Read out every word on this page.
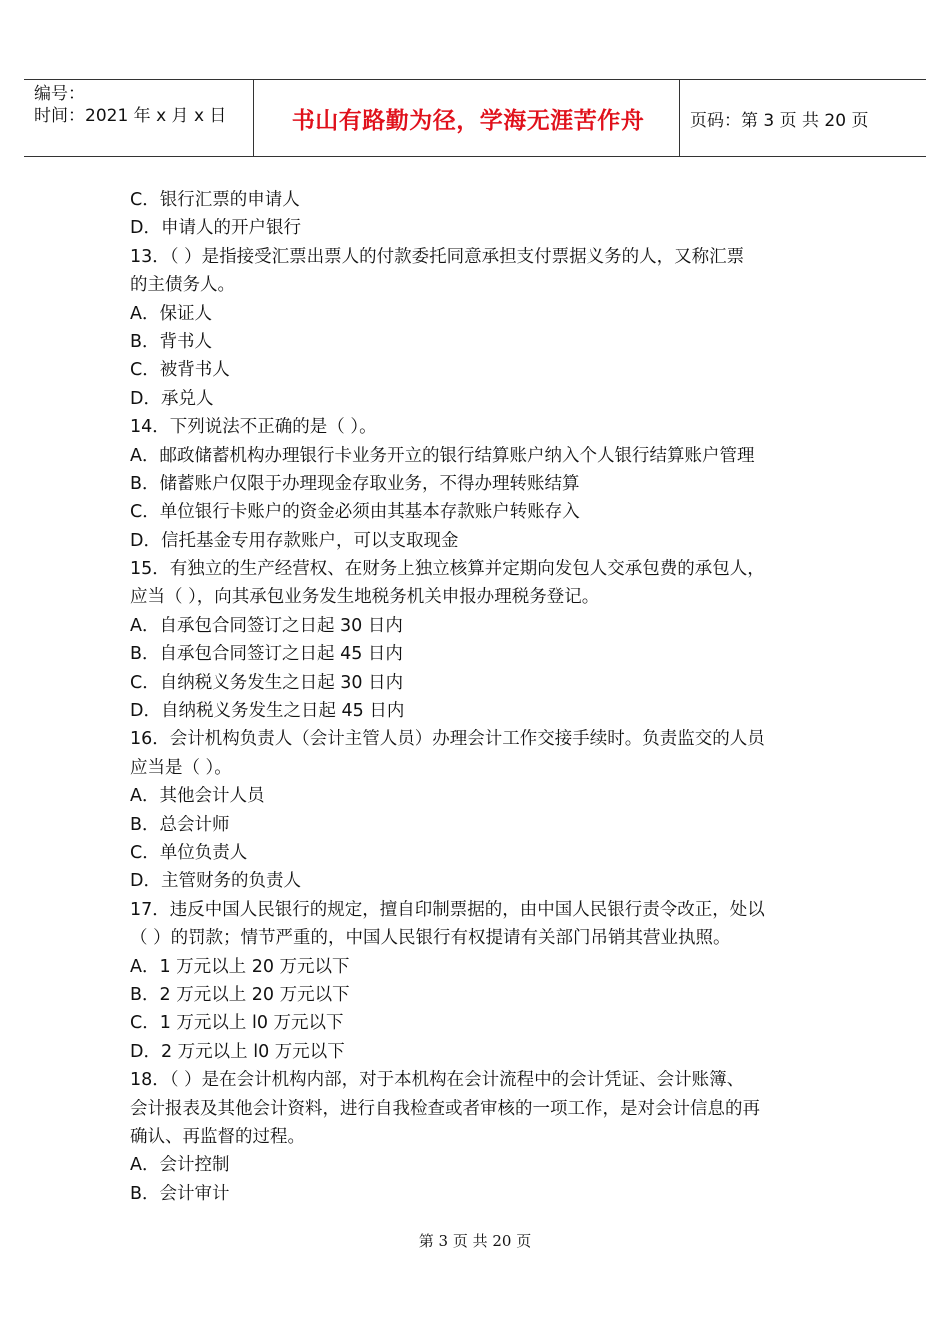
编号：
时间：2021 年 x 月 x 日	书山有路勤为径，学海无涯苦作舟	页码：第 3 页 共 20 页
C．银行汇票的申请人
D．申请人的开户银行
13．（ ）是指接受汇票出票人的付款委托同意承担支付票据义务的人，又称汇票
的主债务人。
A．保证人
B．背书人
C．被背书人
D．承兑人
14．下列说法不正确的是（ ）。
A．邮政储蓄机构办理银行卡业务开立的银行结算账户纳入个人银行结算账户管理
B．储蓄账户仅限于办理现金存取业务，不得办理转账结算
C．单位银行卡账户的资金必须由其基本存款账户转账存入
D．信托基金专用存款账户，可以支取现金
15．有独立的生产经营权、在财务上独立核算并定期向发包人交承包费的承包人，
应当（ ），向其承包业务发生地税务机关申报办理税务登记。
A．自承包合同签订之日起 30 日内
B．自承包合同签订之日起 45 日内
C．自纳税义务发生之日起 30 日内
D．自纳税义务发生之日起 45 日内
16．会计机构负责人（会计主管人员）办理会计工作交接手续时。负责监交的人员
应当是（ ）。
A．其他会计人员
B．总会计师
C．单位负责人
D．主管财务的负责人
17．违反中国人民银行的规定，擅自印制票据的，由中国人民银行责令改正，处以
（ ）的罚款；情节严重的，中国人民银行有权提请有关部门吊销其营业执照。
A．1 万元以上 20 万元以下
B．2 万元以上 20 万元以下
C．1 万元以上 l0 万元以下
D．2 万元以上 l0 万元以下
18．（ ）是在会计机构内部，对于本机构在会计流程中的会计凭证、会计账簿、
会计报表及其他会计资料，进行自我检查或者审核的一项工作，是对会计信息的再
确认、再监督的过程。
A．会计控制
B．会计审计
第 3 页 共 20 页
